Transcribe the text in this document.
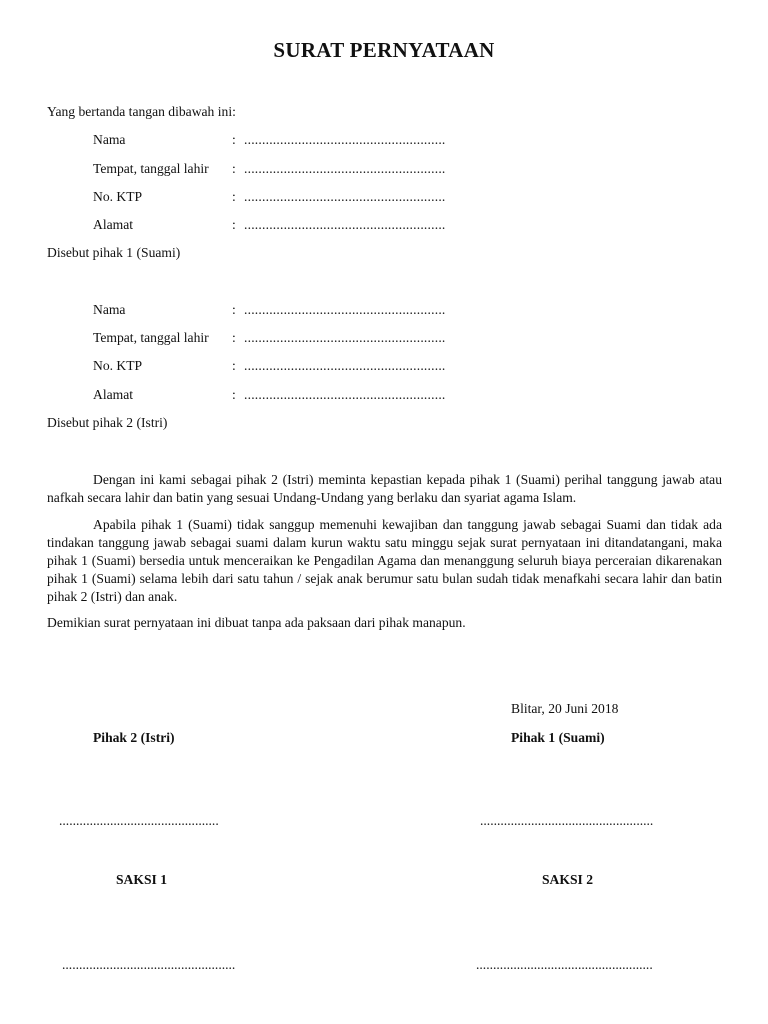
SURAT PERNYATAAN
Yang bertanda tangan dibawah ini:
Nama	: ........................................................
Tempat, tanggal lahir : ........................................................
No. KTP	: ........................................................
Alamat	: ........................................................
Disebut pihak 1 (Suami)
Nama	: ........................................................
Tempat, tanggal lahir : ........................................................
No. KTP	: ........................................................
Alamat	: ........................................................
Disebut pihak 2 (Istri)
Dengan ini kami sebagai pihak 2 (Istri) meminta kepastian kepada pihak 1 (Suami) perihal tanggung jawab atau nafkah secara lahir dan batin yang sesuai Undang-Undang yang berlaku dan syariat agama Islam.
Apabila pihak 1 (Suami) tidak sanggup memenuhi kewajiban dan tanggung jawab sebagai Suami dan tidak ada tindakan tanggung jawab sebagai suami dalam kurun waktu satu minggu sejak surat pernyataan ini ditandatangani, maka pihak 1 (Suami) bersedia untuk menceraikan ke Pengadilan Agama dan menanggung seluruh biaya perceraian dikarenakan pihak 1 (Suami) selama lebih dari satu tahun / sejak anak berumur satu bulan sudah tidak menafkahi secara lahir dan batin pihak 2 (Istri) dan anak.
Demikian surat pernyataan ini dibuat tanpa ada paksaan dari pihak manapun.
Blitar, 20 Juni 2018
Pihak 2 (Istri)	Pihak 1 (Suami)
...............................................	...................................................
SAKSI 1	SAKSI 2
...................................................	....................................................
